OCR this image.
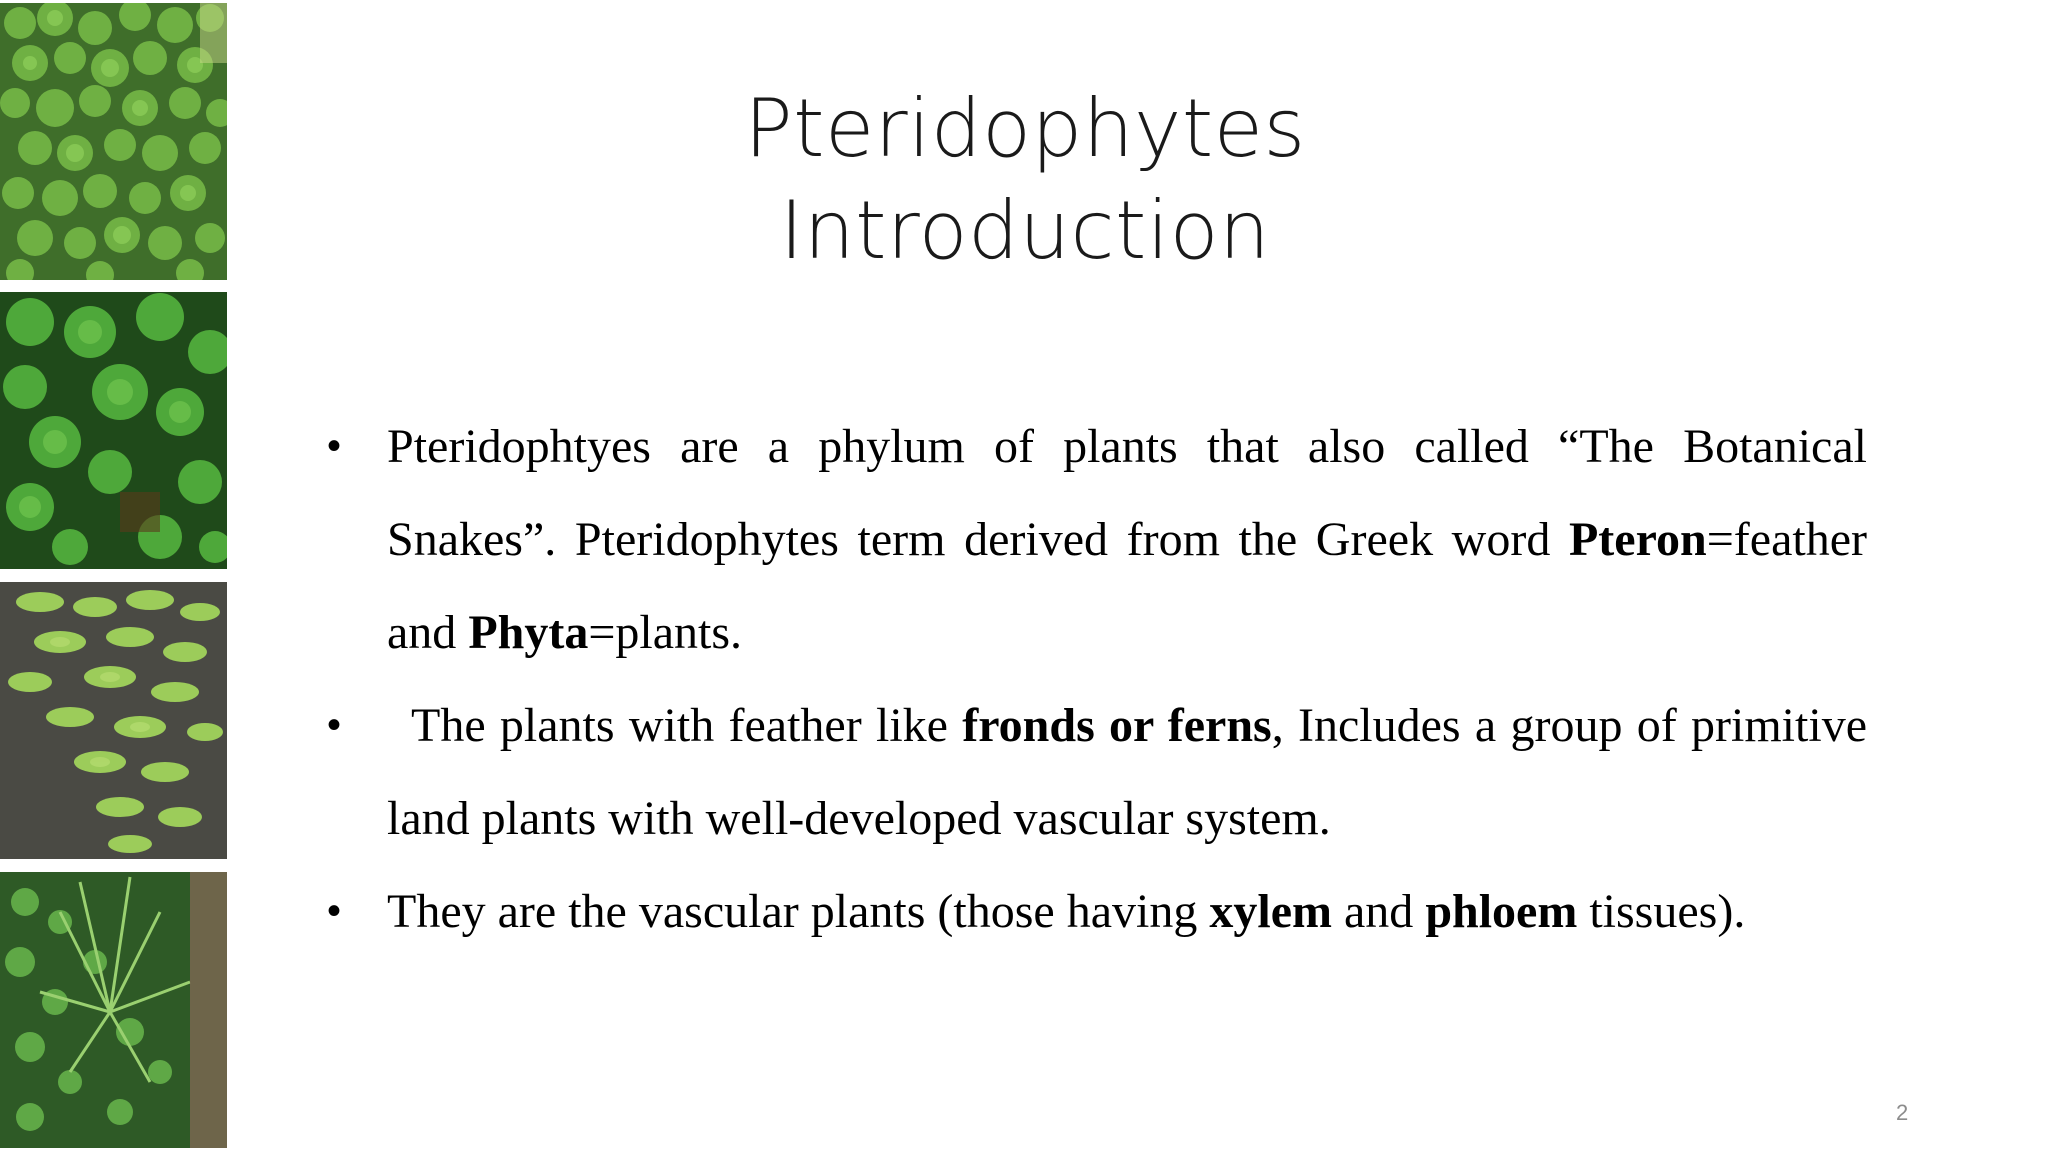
Pteridophytes
Introduction
• Pteridophtyes are a phylum of plants that also called “The Botanical Snakes”. Pteridophytes term derived from the Greek word Pteron=feather and Phyta=plants.
• The plants with feather like fronds or ferns, Includes a group of primitive land plants with well-developed vascular system.
• They are the vascular plants (those having xylem and phloem tissues).
2
